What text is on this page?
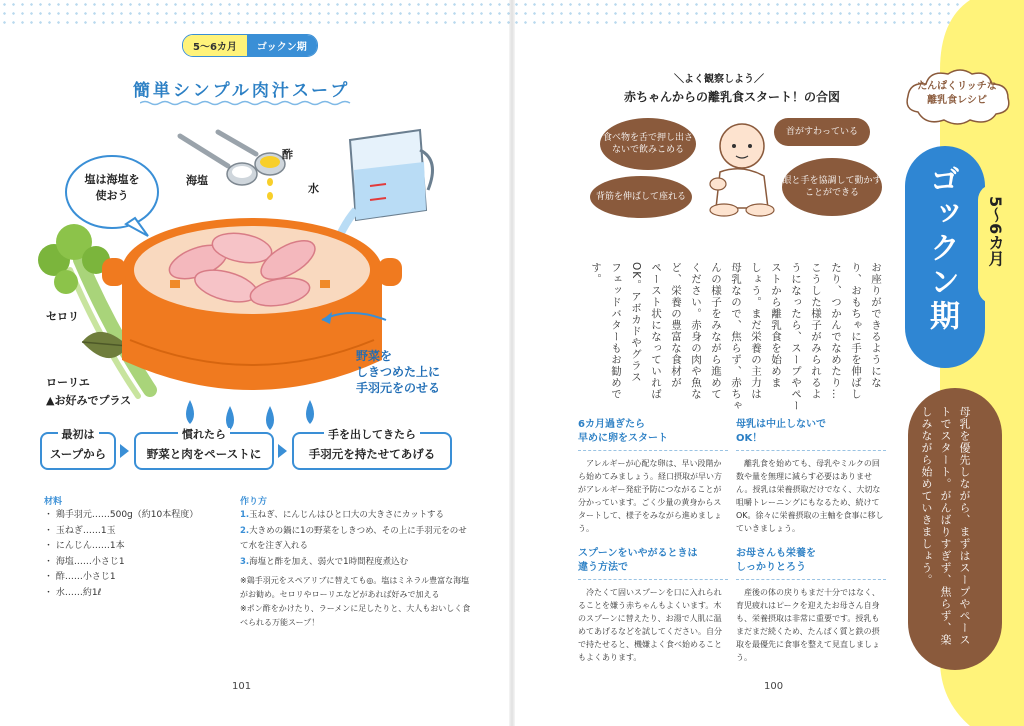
5～6カ月	ゴックン期
簡単シンプル肉汁スープ
塩は海塩を
使おう
海塩
酢
水
セロリ
ローリエ
▲お好みでプラス
野菜を
しきつめた上に
手羽元をのせる
最初は
スープから
慣れたら
野菜と肉をペーストに
手を出してきたら
手羽元を持たせてあげる
材料
・ 鶏手羽元……500g（約10本程度）
・ 玉ねぎ……1玉
・ にんじん……1本
・ 海塩……小さじ1
・ 酢……小さじ1
・ 水……約1ℓ
作り方
1.玉ねぎ、にんじんはひと口大の大きさにカットする
2.大きめの鍋に1の野菜をしきつめ、その上に手羽元をのせて水を注ぎ入れる
3.海塩と酢を加え、弱火で1時間程度煮込む
※鶏手羽元をスペアリブに替えても◎。塩はミネラル豊富な海塩がお勧め。セロリやローリエなどがあれば好みで加える
※ポン酢をかけたり、ラーメンに足したりと、大人もおいしく食べられる万能スープ！
101
＼よく観察しよう／
赤ちゃんからの離乳食スタート！の合図
食べ物を舌で押し出さないで飲みこめる
首がすわっている
背筋を伸ばして座れる
眼と手を協調して動かすことができる
お座りができるようにな
り、おもちゃに手を伸ばし
たり、つかんでなめたり…
こうした様子がみられるよ
うになったら、スープやペー
ストから離乳食を始めま
しょう。まだ栄養の主力は
母乳なので、焦らず、赤ちゃ
んの様子をみながら進めて
ください。赤身の肉や魚な
ど、栄養の豊富な食材が
ペースト状になっていれば
OK。アボカドやグラス
フェッドバターもお勧めで
す。
6カ月過ぎたら
早めに卵をスタート
アレルギーが心配な卵は、早い段階から始めてみましょう。経口摂取が早い方がアレルギー発症予防につながることが分かっています。ごく少量の黄身からスタートして、様子をみながら進めましょう。
スプーンをいやがるときは
違う方法で
冷たくて固いスプーンを口に入れられることを嫌う赤ちゃんもよくいます。木のスプーンに替えたり、お湯で人肌に温めてあげるなどを試してください。自分で持たせると、機嫌よく食べ始めることもよくあります。
母乳は中止しないで
OK！
離乳食を始めても、母乳やミルクの回数や量を無理に減らす必要はありません。授乳は栄養摂取だけでなく、大切な咀嚼トレーニングにもなるため、続けてOK。徐々に栄養摂取の主軸を食事に移していきましょう。
お母さんも栄養を
しっかりとろう
産後の体の戻りもまだ十分ではなく、育児疲れはピークを迎えたお母さん自身も、栄養摂取は非常に重要です。授乳もまだまだ続くため、たんぱく質と鉄の摂取を最優先に食事を整えて見直しましょう。
100
たんぱくリッチな
離乳食レシピ
ゴックン期 5～6カ月
母乳を優先しながら、まずはスープやペーストでスタート。がんばりすぎず、焦らず、楽しみながら始めていきましょう。
